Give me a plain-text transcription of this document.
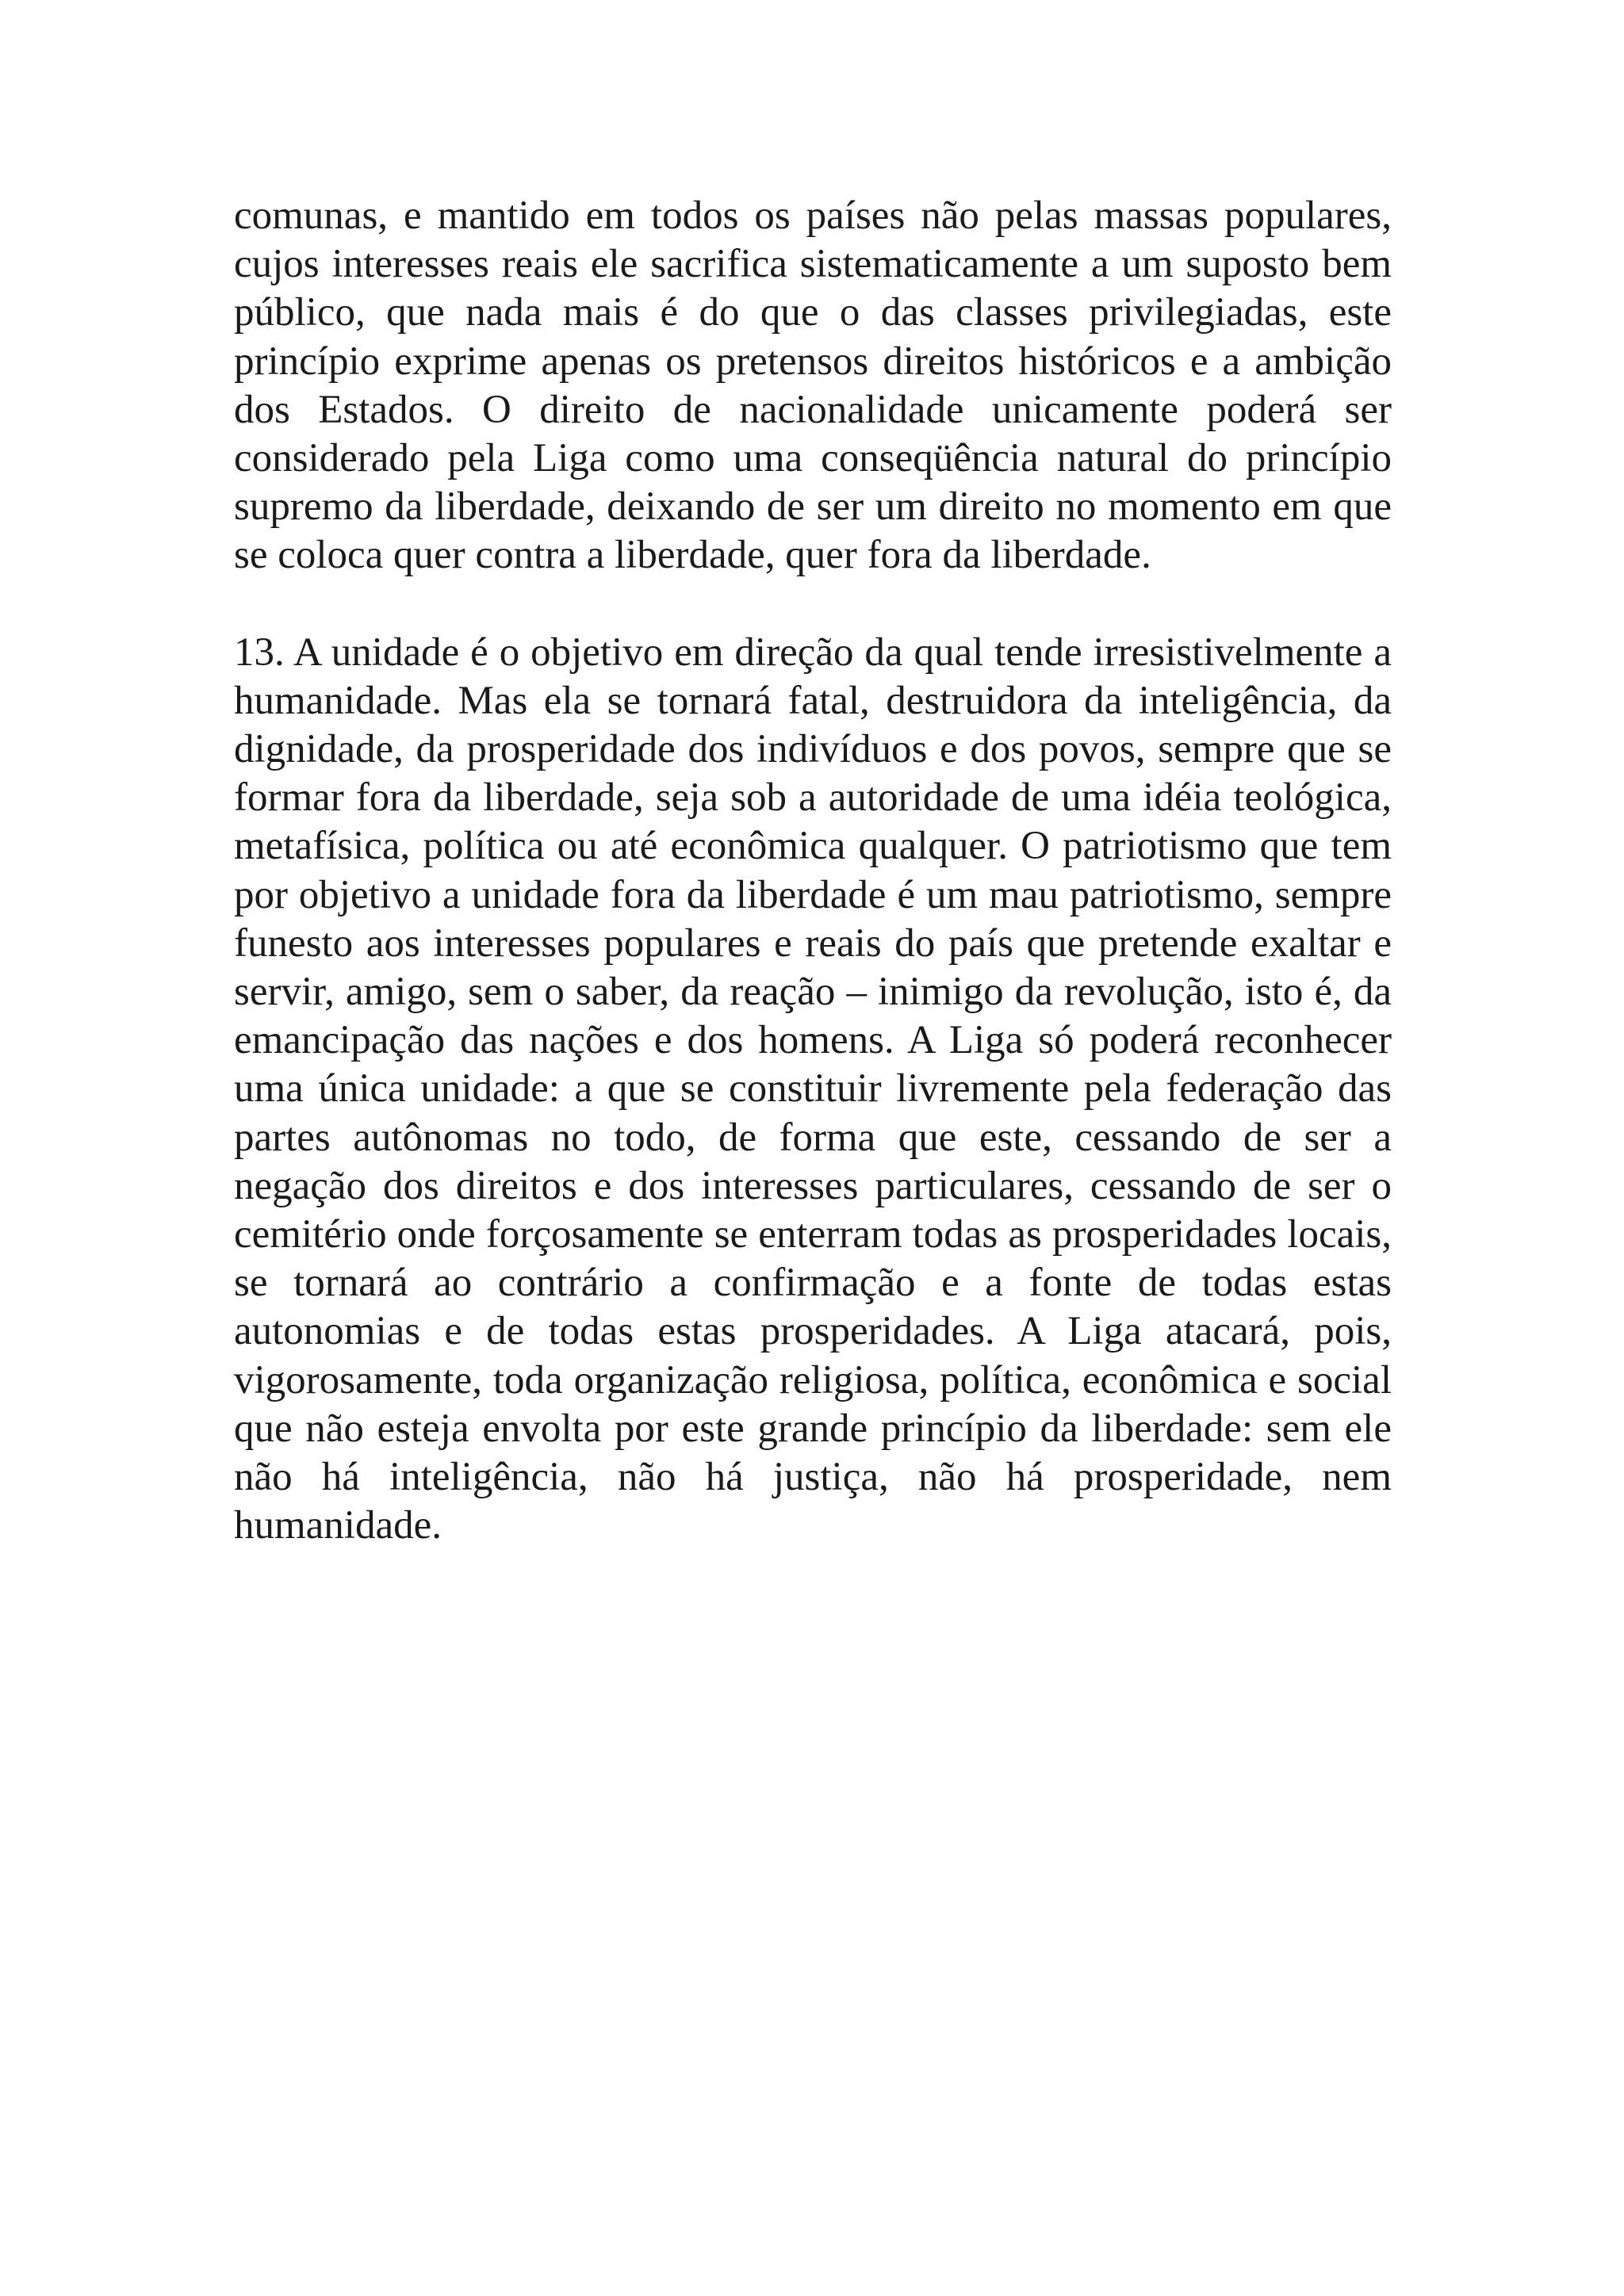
comunas, e mantido em todos os países não pelas massas populares, cujos interesses reais ele sacrifica sistematicamente a um suposto bem público, que nada mais é do que o das classes privilegiadas, este princípio exprime apenas os pretensos direitos históricos e a ambição dos Estados. O direito de nacionalidade unicamente poderá ser considerado pela Liga como uma conseqüência natural do princípio supremo da liberdade, deixando de ser um direito no momento em que se coloca quer contra a liberdade, quer fora da liberdade.

13. A unidade é o objetivo em direção da qual tende irresistivelmente a humanidade. Mas ela se tornará fatal, destruidora da inteligência, da dignidade, da prosperidade dos indivíduos e dos povos, sempre que se formar fora da liberdade, seja sob a autoridade de uma idéia teológica, metafísica, política ou até econômica qualquer. O patriotismo que tem por objetivo a unidade fora da liberdade é um mau patriotismo, sempre funesto aos interesses populares e reais do país que pretende exaltar e servir, amigo, sem o saber, da reação – inimigo da revolução, isto é, da emancipação das nações e dos homens. A Liga só poderá reconhecer uma única unidade: a que se constituir livremente pela federação das partes autônomas no todo, de forma que este, cessando de ser a negação dos direitos e dos interesses particulares, cessando de ser o cemitério onde forçosamente se enterram todas as prosperidades locais, se tornará ao contrário a confirmação e a fonte de todas estas autonomias e de todas estas prosperidades. A Liga atacará, pois, vigorosamente, toda organização religiosa, política, econômica e social que não esteja envolta por este grande princípio da liberdade: sem ele não há inteligência, não há justiça, não há prosperidade, nem humanidade.
